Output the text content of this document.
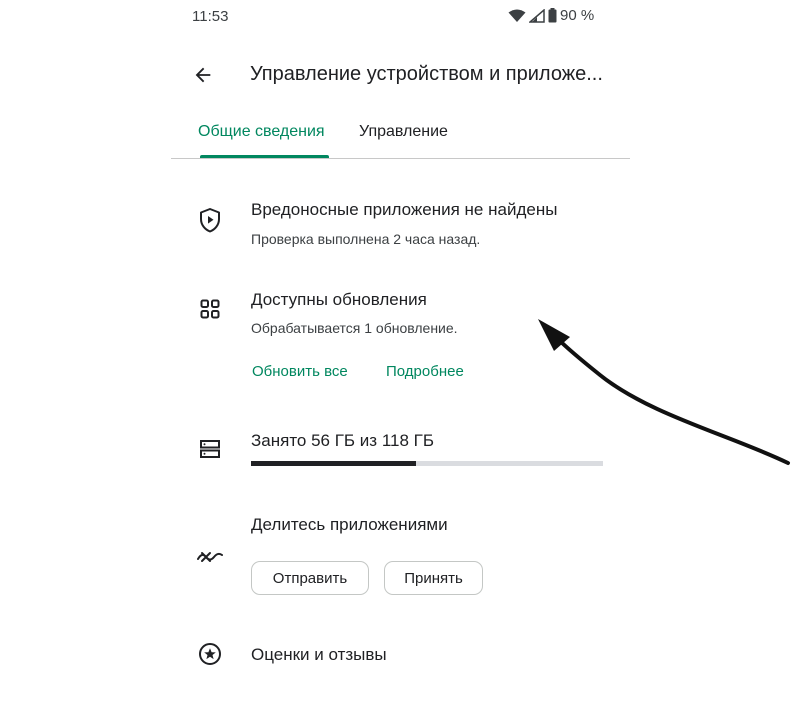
11:53	90 %
Управление устройством и приложе...
Общие сведения Управление
Вредоносные приложения не найдены
Проверка выполнена 2 часа назад.
Доступны обновления
Обрабатывается 1 обновление.
Обновить все	Подробнее
Занято 56 ГБ из 118 ГБ
Делитесь приложениями
Отправить	Принять
Оценки и отзывы
